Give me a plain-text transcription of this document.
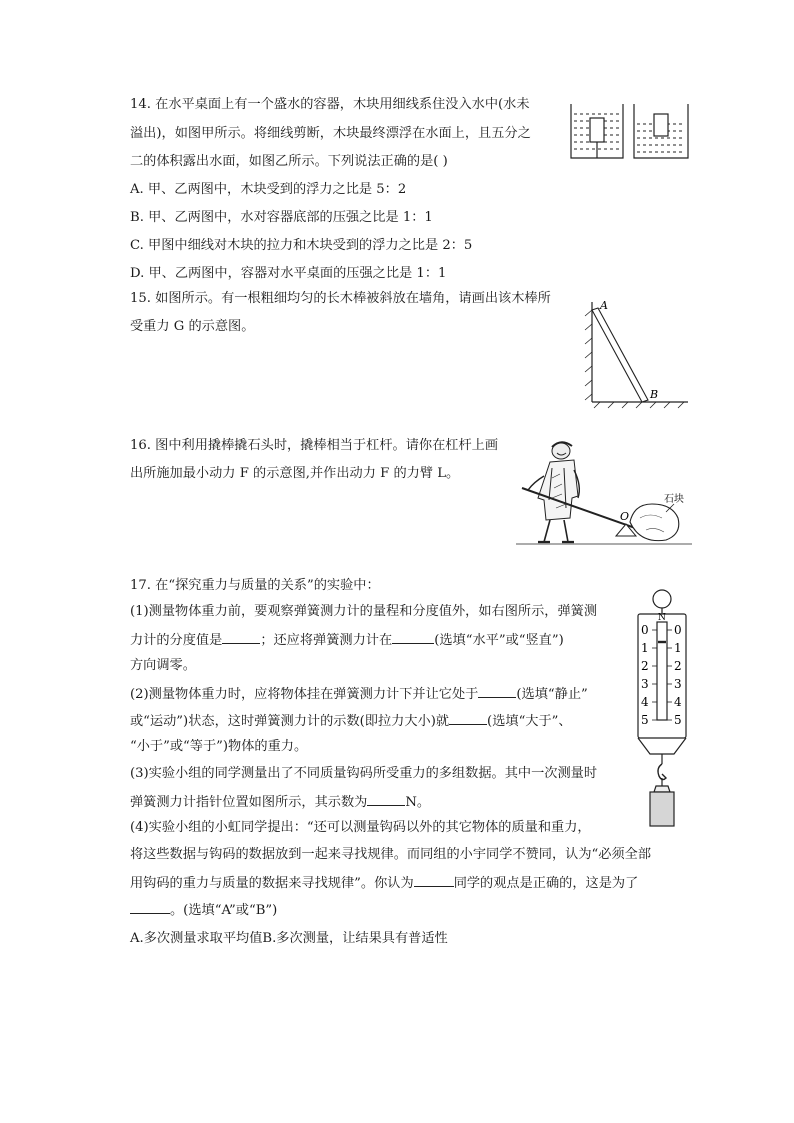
14. 在水平桌面上有一个盛水的容器，木块用细线系住没入水中(水未
溢出)，如图甲所示。将细线剪断，木块最终漂浮在水面上，且五分之
二的体积露出水面，如图乙所示。下列说法正确的是( )
A. 甲、乙两图中，木块受到的浮力之比是 5：2
B. 甲、乙两图中，水对容器底部的压强之比是 1：1
C. 甲图中细线对木块的拉力和木块受到的浮力之比是 2：5
D. 甲、乙两图中，容器对水平桌面的压强之比是 1：1
15. 如图所示。有一根粗细均匀的长木棒被斜放在墙角，请画出该木棒所
受重力 G 的示意图。
A
B
16. 图中利用撬棒撬石头时，撬棒相当于杠杆。请你在杠杆上画
出所施加最小动力 F 的示意图,并作出动力 F 的力臂 L。
O
石块
17. 在“探究重力与质量的关系”的实验中：
(1)测量物体重力前，要观察弹簧测力计的量程和分度值外，如右图所示，弹簧测
力计的分度值是	；还应将弹簧测力计在	(选填“水平”或“竖直”)
方向调零。
(2)测量物体重力时，应将物体挂在弹簧测力计下并让它处于	(选填“静止”
或“运动”)状态，这时弹簧测力计的示数(即拉力大小)就	(选填“大于”、
“小于”或“等于”)物体的重力。
(3)实验小组的同学测量出了不同质量钩码所受重力的多组数据。其中一次测量时
弹簧测力计指针位置如图所示，其示数为	N。
(4)实验小组的小虹同学提出：“还可以测量钩码以外的其它物体的质量和重力，
将这些数据与钩码的数据放到一起来寻找规律。而同组的小宇同学不赞同，认为“必须全部
用钩码的重力与质量的数据来寻找规律”。你认为	同学的观点是正确的，这是为了
。(选填“A”或“B”)
A.多次测量求取平均值B.多次测量，让结果具有普适性
N
0 0
1 1
2 2
3 3
4 4
5 5
